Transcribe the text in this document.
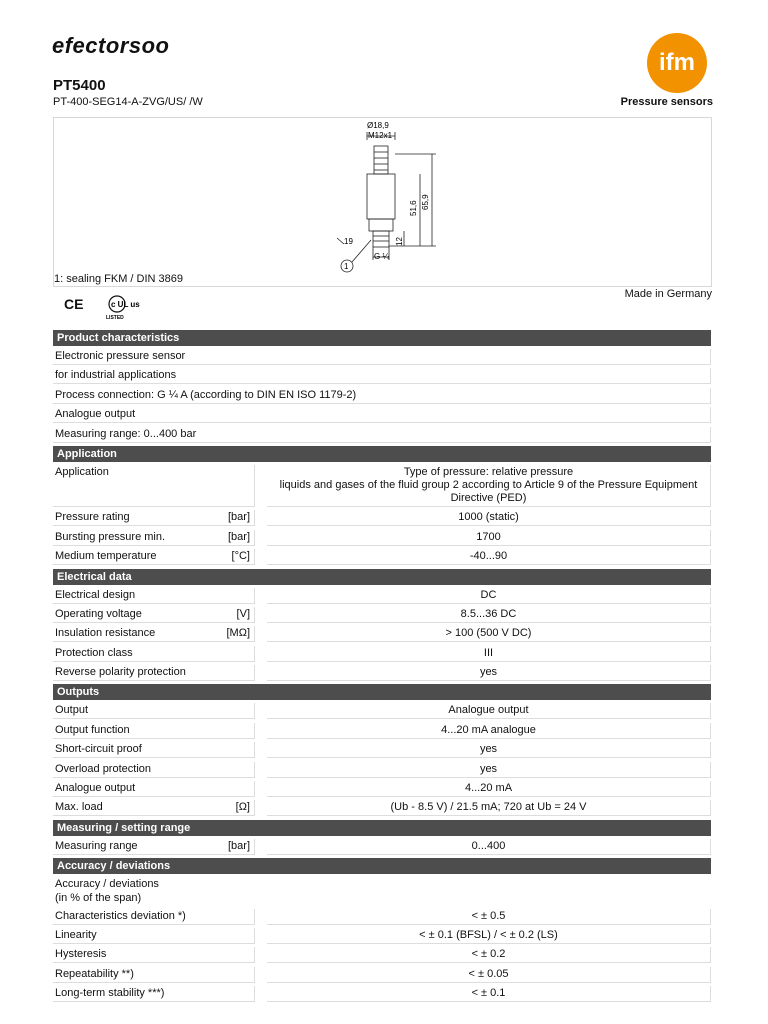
efectorsoo
ifm
PT5400
PT-400-SEG14-A-ZVG/US/ /W	Pressure sensors
Ø18,9
M12x1
51,6 65,9
12
19
G ¼
1
1: sealing FKM / DIN 3869
Made in Germany
CE	c UL us
LISTED
Product characteristics
Electronic pressure sensor
for industrial applications
Process connection: G ¼ A (according to DIN EN ISO 1179-2)
Analogue output
Measuring range: 0...400 bar
Application
Application	Type of pressure: relative pressure
liquids and gases of the fluid group 2 according to Article 9 of the Pressure Equipment Directive (PED)
Pressure rating	[bar]	1000 (static)
Bursting pressure min.	[bar]	1700
Medium temperature	[°C]	-40...90
Electrical data
Electrical design	DC
Operating voltage	[V]	8.5...36 DC
Insulation resistance	[MΩ]	> 100 (500 V DC)
Protection class	III
Reverse polarity protection	yes
Outputs
Output	Analogue output
Output function	4...20 mA analogue
Short-circuit proof	yes
Overload protection	yes
Analogue output	4...20 mA
Max. load	[Ω]	(Ub - 8.5 V) / 21.5 mA; 720 at Ub = 24 V
Measuring / setting range
Measuring range	[bar]	0...400
Accuracy / deviations
Accuracy / deviations
(in % of the span)
Characteristics deviation *)	< ± 0.5
Linearity	< ± 0.1 (BFSL) / < ± 0.2 (LS)
Hysteresis	< ± 0.2
Repeatability **)	< ± 0.05
Long-term stability ***)	< ± 0.1
